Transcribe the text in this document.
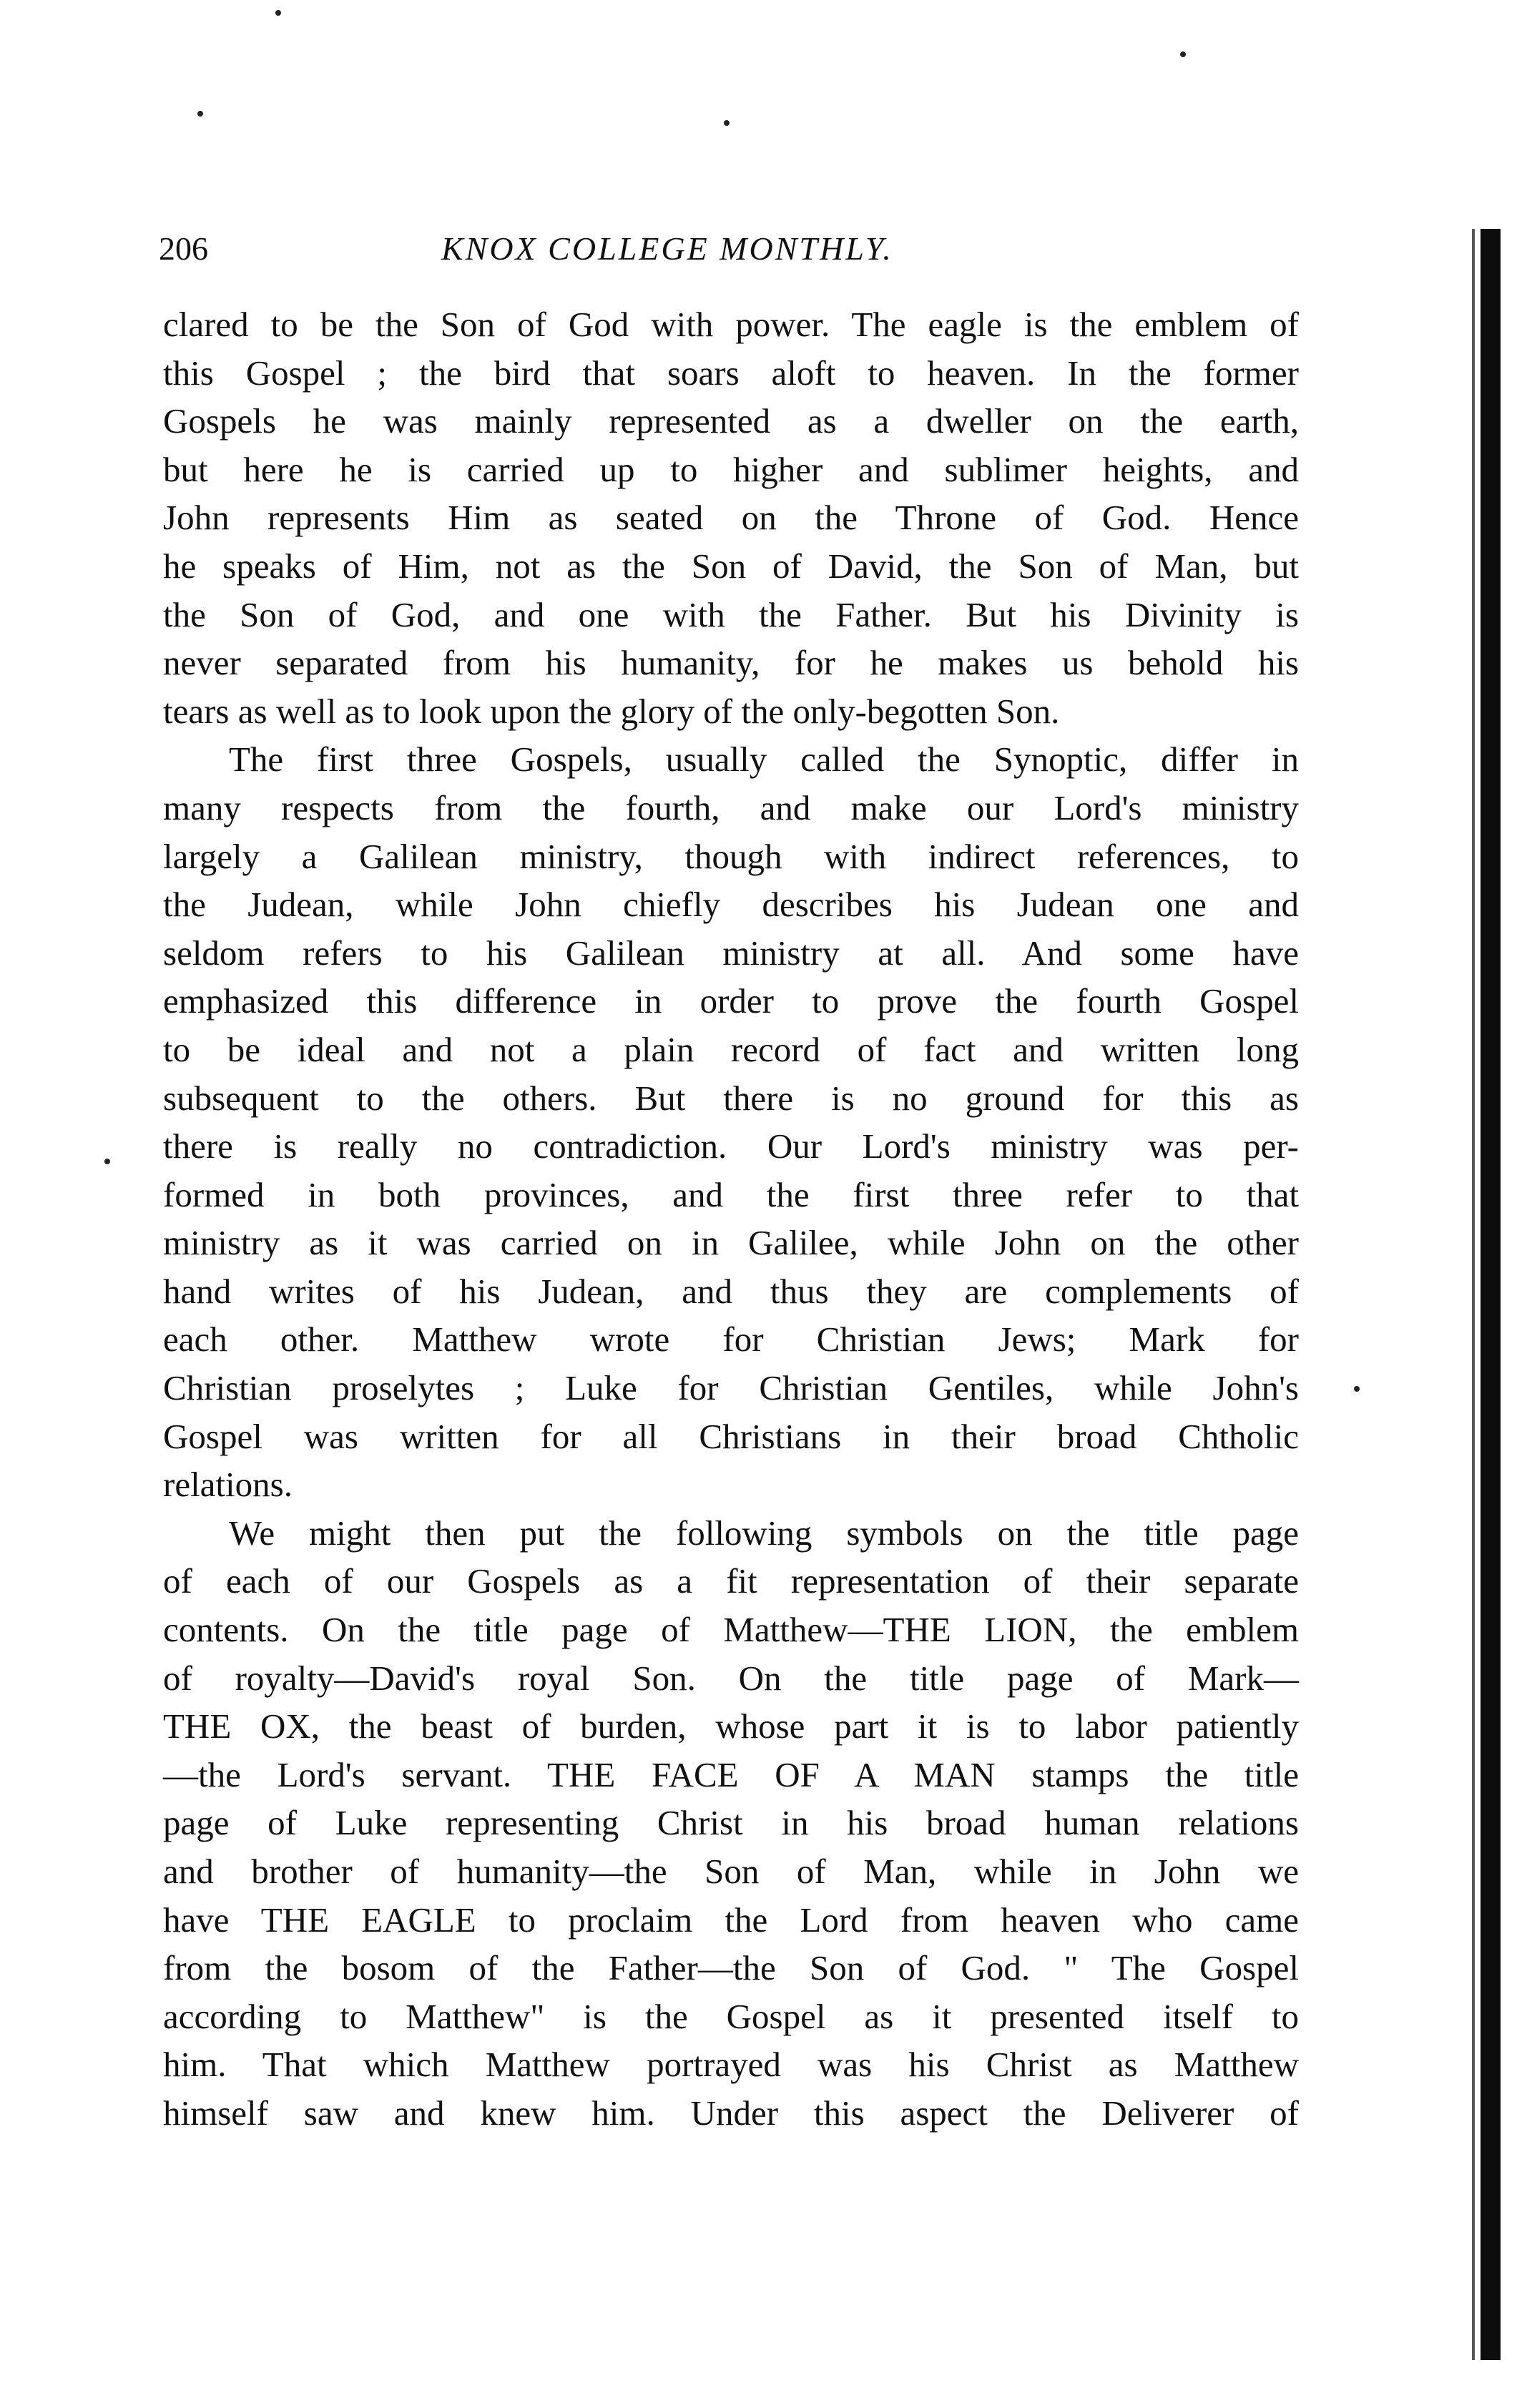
206	KNOX COLLEGE MONTHLY.
clared to be the Son of God with power. The eagle is the emblem of
this Gospel ; the bird that soars aloft to heaven. In the former
Gospels he was mainly represented as a dweller on the earth,
but here he is carried up to higher and sublimer heights, and
John represents Him as seated on the Throne of God. Hence
he speaks of Him, not as the Son of David, the Son of Man, but
the Son of God, and one with the Father. But his Divinity is
never separated from his humanity, for he makes us behold his
tears as well as to look upon the glory of the only-begotten Son.
The first three Gospels, usually called the Synoptic, differ in
many respects from the fourth, and make our Lord's ministry
largely a Galilean ministry, though with indirect references, to
the Judean, while John chiefly describes his Judean one and
seldom refers to his Galilean ministry at all. And some have
emphasized this difference in order to prove the fourth Gospel
to be ideal and not a plain record of fact and written long
subsequent to the others. But there is no ground for this as
there is really no contradiction. Our Lord's ministry was per-
formed in both provinces, and the first three refer to that
ministry as it was carried on in Galilee, while John on the other
hand writes of his Judean, and thus they are complements of
each other. Matthew wrote for Christian Jews; Mark for
Christian proselytes ; Luke for Christian Gentiles, while John's
Gospel was written for all Christians in their broad Chtholic
relations.
We might then put the following symbols on the title page
of each of our Gospels as a fit representation of their separate
contents. On the title page of Matthew—THE LION, the emblem
of royalty—David's royal Son. On the title page of Mark—
THE OX, the beast of burden, whose part it is to labor patiently
—the Lord's servant. THE FACE OF A MAN stamps the title
page of Luke representing Christ in his broad human relations
and brother of humanity—the Son of Man, while in John we
have THE EAGLE to proclaim the Lord from heaven who came
from the bosom of the Father—the Son of God. " The Gospel
according to Matthew" is the Gospel as it presented itself to
him. That which Matthew portrayed was his Christ as Matthew
himself saw and knew him. Under this aspect the Deliverer of
